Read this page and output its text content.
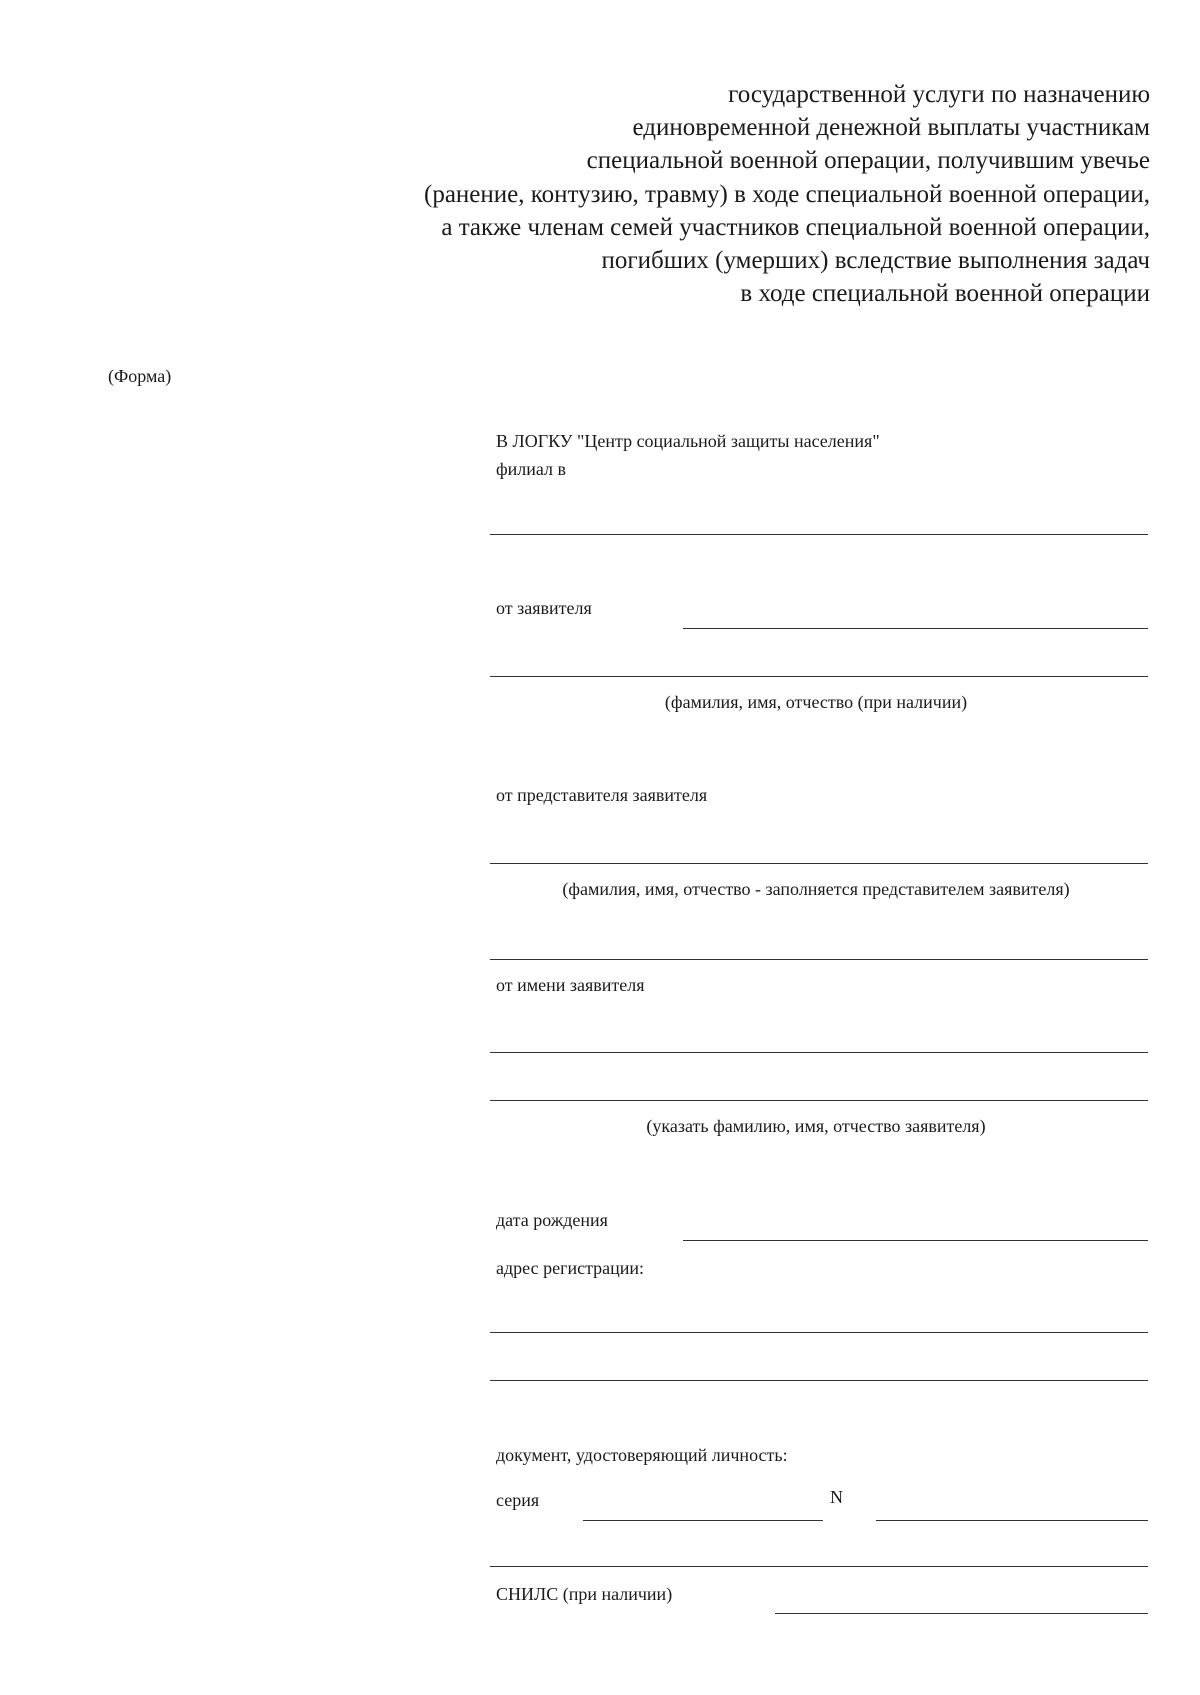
государственной услуги по назначению
единовременной денежной выплаты участникам
специальной военной операции, получившим увечье
(ранение, контузию, травму) в ходе специальной военной операции,
а также членам семей участников специальной военной операции,
погибших (умерших) вследствие выполнения задач
в ходе специальной военной операции
(Форма)
В ЛОГКУ "Центр социальной защиты населения"
филиал в
от заявителя
(фамилия, имя, отчество (при наличии)
от представителя заявителя
(фамилия, имя, отчество - заполняется представителем заявителя)
от имени заявителя
(указать фамилию, имя, отчество заявителя)
дата рождения
адрес регистрации:
документ, удостоверяющий личность:
серия	N
СНИЛС (при наличии)
